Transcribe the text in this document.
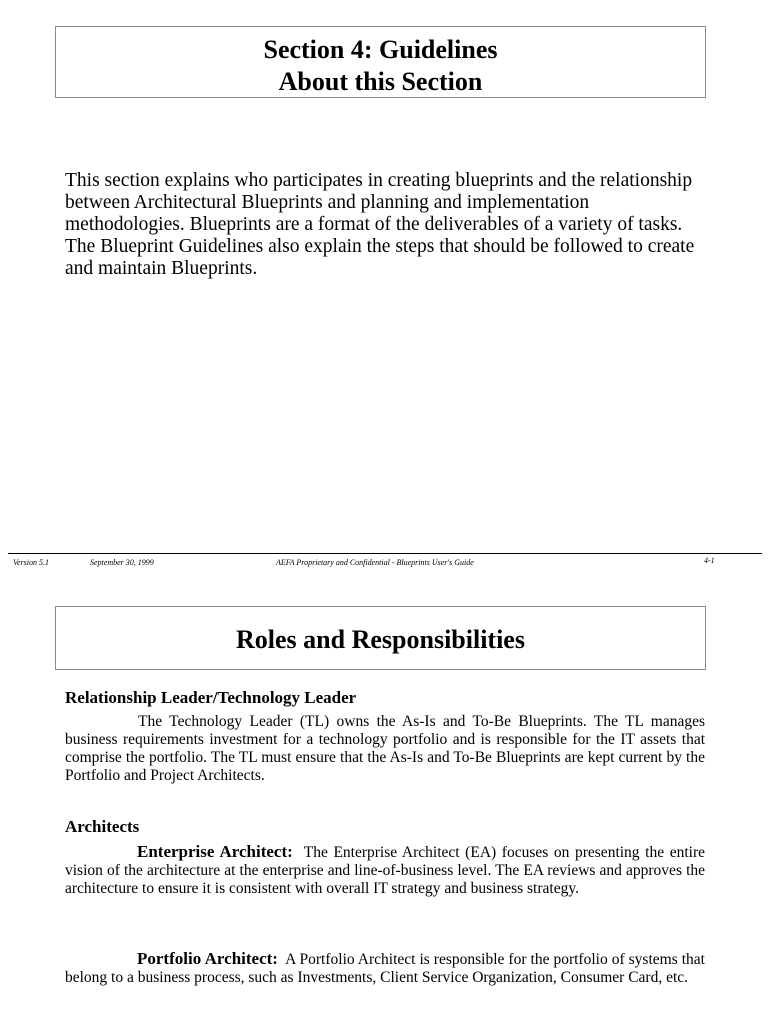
Section 4: Guidelines
About this Section

This section explains who participates in creating blueprints and the relationship between Architectural Blueprints and planning and implementation methodologies. Blueprints are a format of the deliverables of a variety of tasks. The Blueprint Guidelines also explain the steps that should be followed to create and maintain Blueprints.

Version 5.1	September 30, 1999	AEFA Proprietary and Confidential - Blueprints User's Guide	4-1
Roles and Responsibilities
Relationship Leader/Technology Leader

The Technology Leader (TL) owns the As-Is and To-Be Blueprints. The TL manages business requirements investment for a technology portfolio and is responsible for the IT assets that comprise the portfolio. The TL must ensure that the As-Is and To-Be Blueprints are kept current by the Portfolio and Project Architects.

Architects

Enterprise Architect: The Enterprise Architect (EA) focuses on presenting the entire vision of the architecture at the enterprise and line-of-business level. The EA reviews and approves the architecture to ensure it is consistent with overall IT strategy and business strategy.

Portfolio Architect: A Portfolio Architect is responsible for the portfolio of systems that belong to a business process, such as Investments, Client Service Organization, Consumer Card, etc.
